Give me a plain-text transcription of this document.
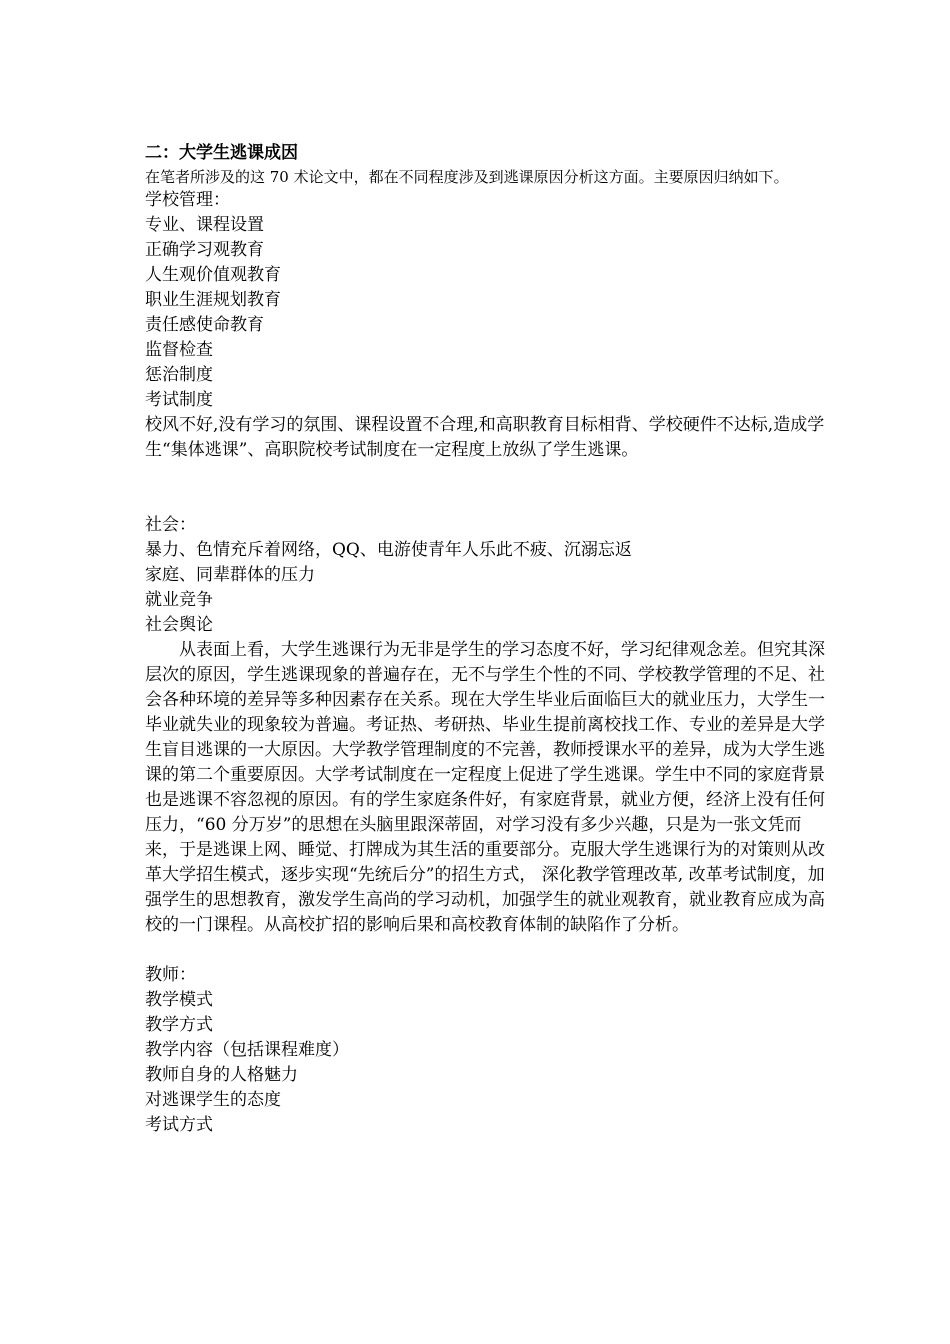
二：大学生逃课成因

在笔者所涉及的这 70 术论文中，都在不同程度涉及到逃课原因分析这方面。主要原因归纳如下。

学校管理：

专业、课程设置
正确学习观教育
人生观价值观教育
职业生涯规划教育
责任感使命教育
监督检查
惩治制度
考试制度

校风不好,没有学习的氛围、课程设置不合理,和高职教育目标相背、学校硬件不达标,造成学生“集体逃课”、高职院校考试制度在一定程度上放纵了学生逃课。

社会：

暴力、色情充斥着网络，QQ、电游使青年人乐此不疲、沉溺忘返
家庭、同辈群体的压力
就业竞争
社会舆论

从表面上看，大学生逃课行为无非是学生的学习态度不好，学习纪律观念差。但究其深层次的原因，学生逃课现象的普遍存在，无不与学生个性的不同、学校教学管理的不足、社会各种环境的差异等多种因素存在关系。现在大学生毕业后面临巨大的就业压力，大学生一毕业就失业的现象较为普遍。考证热、考研热、毕业生提前离校找工作、专业的差异是大学生盲目逃课的一大原因。大学教学管理制度的不完善，教师授课水平的差异，成为大学生逃课的第二个重要原因。大学考试制度在一定程度上促进了学生逃课。学生中不同的家庭背景也是逃课不容忽视的原因。有的学生家庭条件好，有家庭背景，就业方便，经济上没有任何压力，“60 分万岁”的思想在头脑里跟深蒂固，对学习没有多少兴趣，只是为一张文凭而来，于是逃课上网、睡觉、打牌成为其生活的重要部分。克服大学生逃课行为的对策则从改革大学招生模式，逐步实现“先统后分”的招生方式， 深化教学管理改革, 改革考试制度，加强学生的思想教育，激发学生高尚的学习动机，加强学生的就业观教育，就业教育应成为高校的一门课程。从高校扩招的影响后果和高校教育体制的缺陷作了分析。

教师：

教学模式
教学方式
教学内容（包括课程难度）
教师自身的人格魅力
对逃课学生的态度
考试方式
